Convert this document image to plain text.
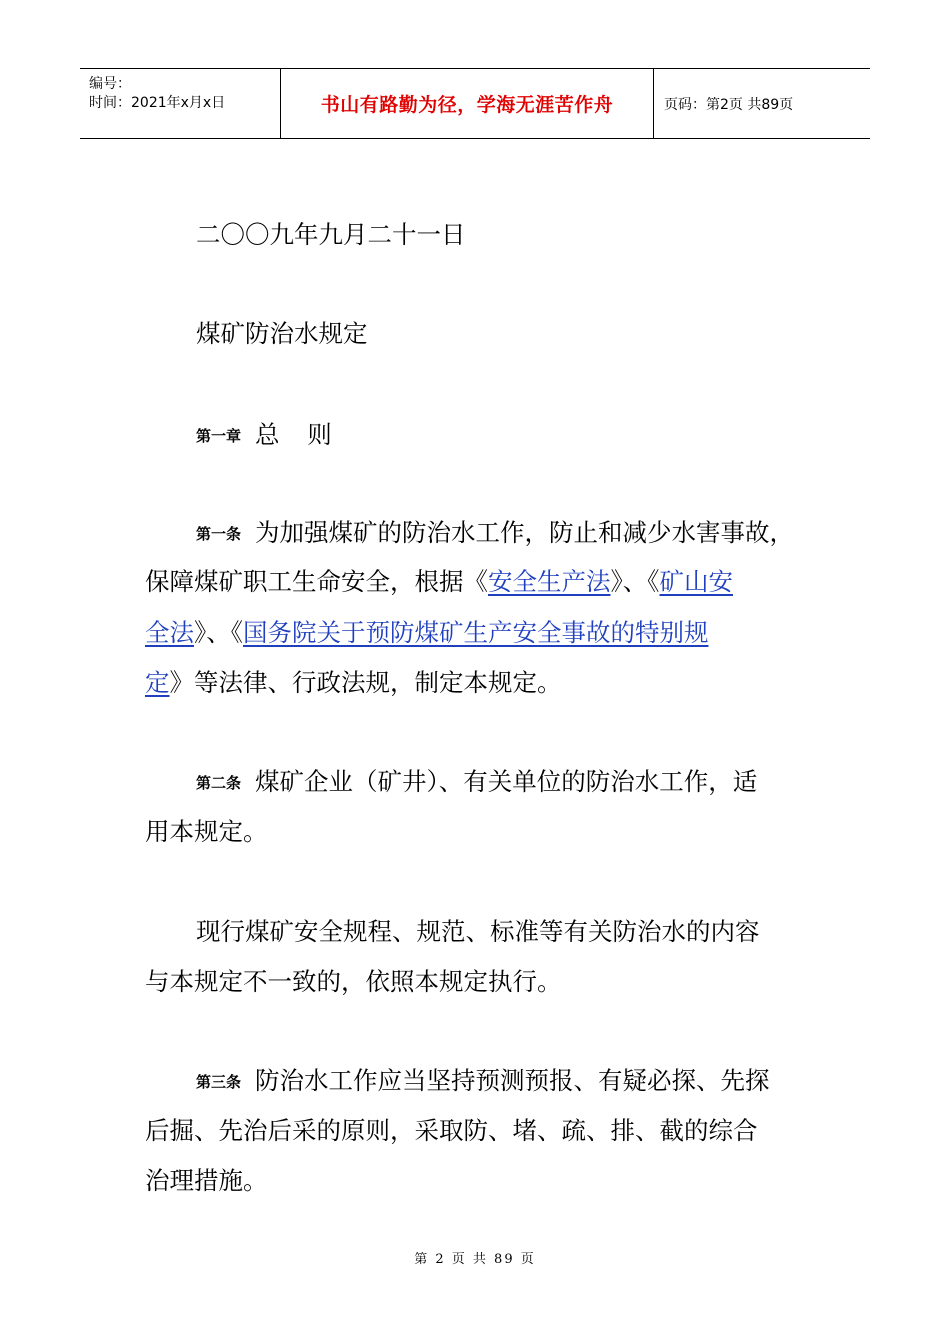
编号：
时间：2021年x月x日	书山有路勤为径，学海无涯苦作舟	页码：第2页 共89页
二〇〇九年九月二十一日
煤矿防治水规定
第一章 总 则
第一条 为加强煤矿的防治水工作，防止和减少水害事故，
保障煤矿职工生命安全，根据《安全生产法》、《矿山安
全法》、《国务院关于预防煤矿生产安全事故的特别规
定》等法律、行政法规，制定本规定。
第二条 煤矿企业（矿井）、有关单位的防治水工作，适
用本规定。
现行煤矿安全规程、规范、标准等有关防治水的内容
与本规定不一致的，依照本规定执行。
第三条 防治水工作应当坚持预测预报、有疑必探、先探
后掘、先治后采的原则，采取防、堵、疏、排、截的综合
治理措施。
第 2 页 共 89 页
